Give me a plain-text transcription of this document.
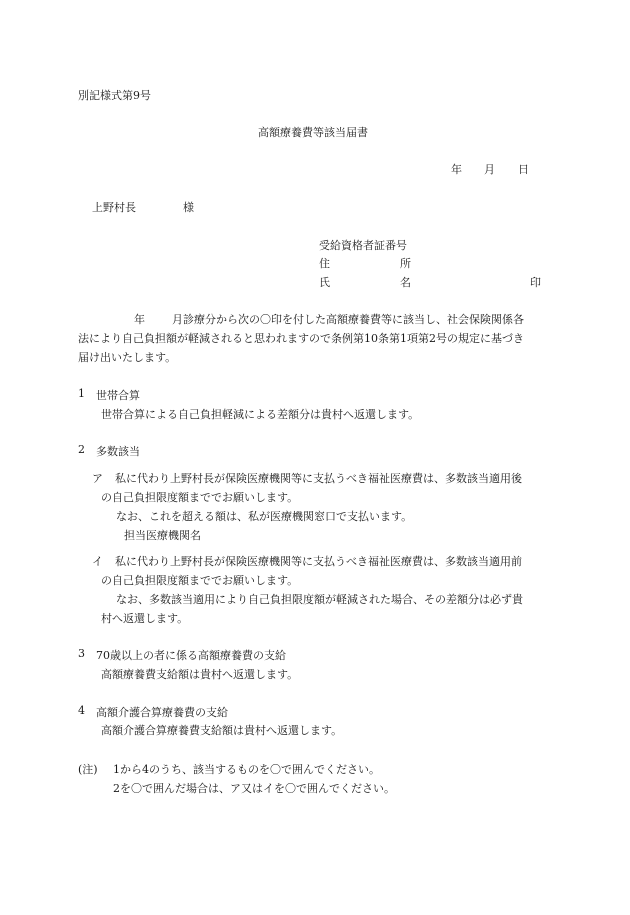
別記様式第9号
高額療養費等該当届書
年 月 日
上野村長	様
受給資格者証番号
住	所
氏	名	印
年 月診療分から次の〇印を付した高額療養費等に該当し、社会保険関係各
法により自己負担額が軽減されると思われますので条例第10条第1項第2号の規定に基づき
届け出いたします。
1 世帯合算
世帯合算による自己負担軽減による差額分は貴村へ返還します。
2 多数該当
ア 私に代わり上野村長が保険医療機関等に支払うべき福祉医療費は、多数該当適用後
の自己負担限度額まででお願いします。
なお、これを超える額は、私が医療機関窓口で支払います。
担当医療機関名
イ 私に代わり上野村長が保険医療機関等に支払うべき福祉医療費は、多数該当適用前
の自己負担限度額まででお願いします。
なお、多数該当適用により自己負担限度額が軽減された場合、その差額分は必ず貴
村へ返還します。
3 70歳以上の者に係る高額療養費の支給
高額療養費支給額は貴村へ返還します。
4 高額介護合算療養費の支給
高額介護合算療養費支給額は貴村へ返還します。
(注) 1から4のうち、該当するものを〇で囲んでください。
2を〇で囲んだ場合は、ア又はイを〇で囲んでください。
